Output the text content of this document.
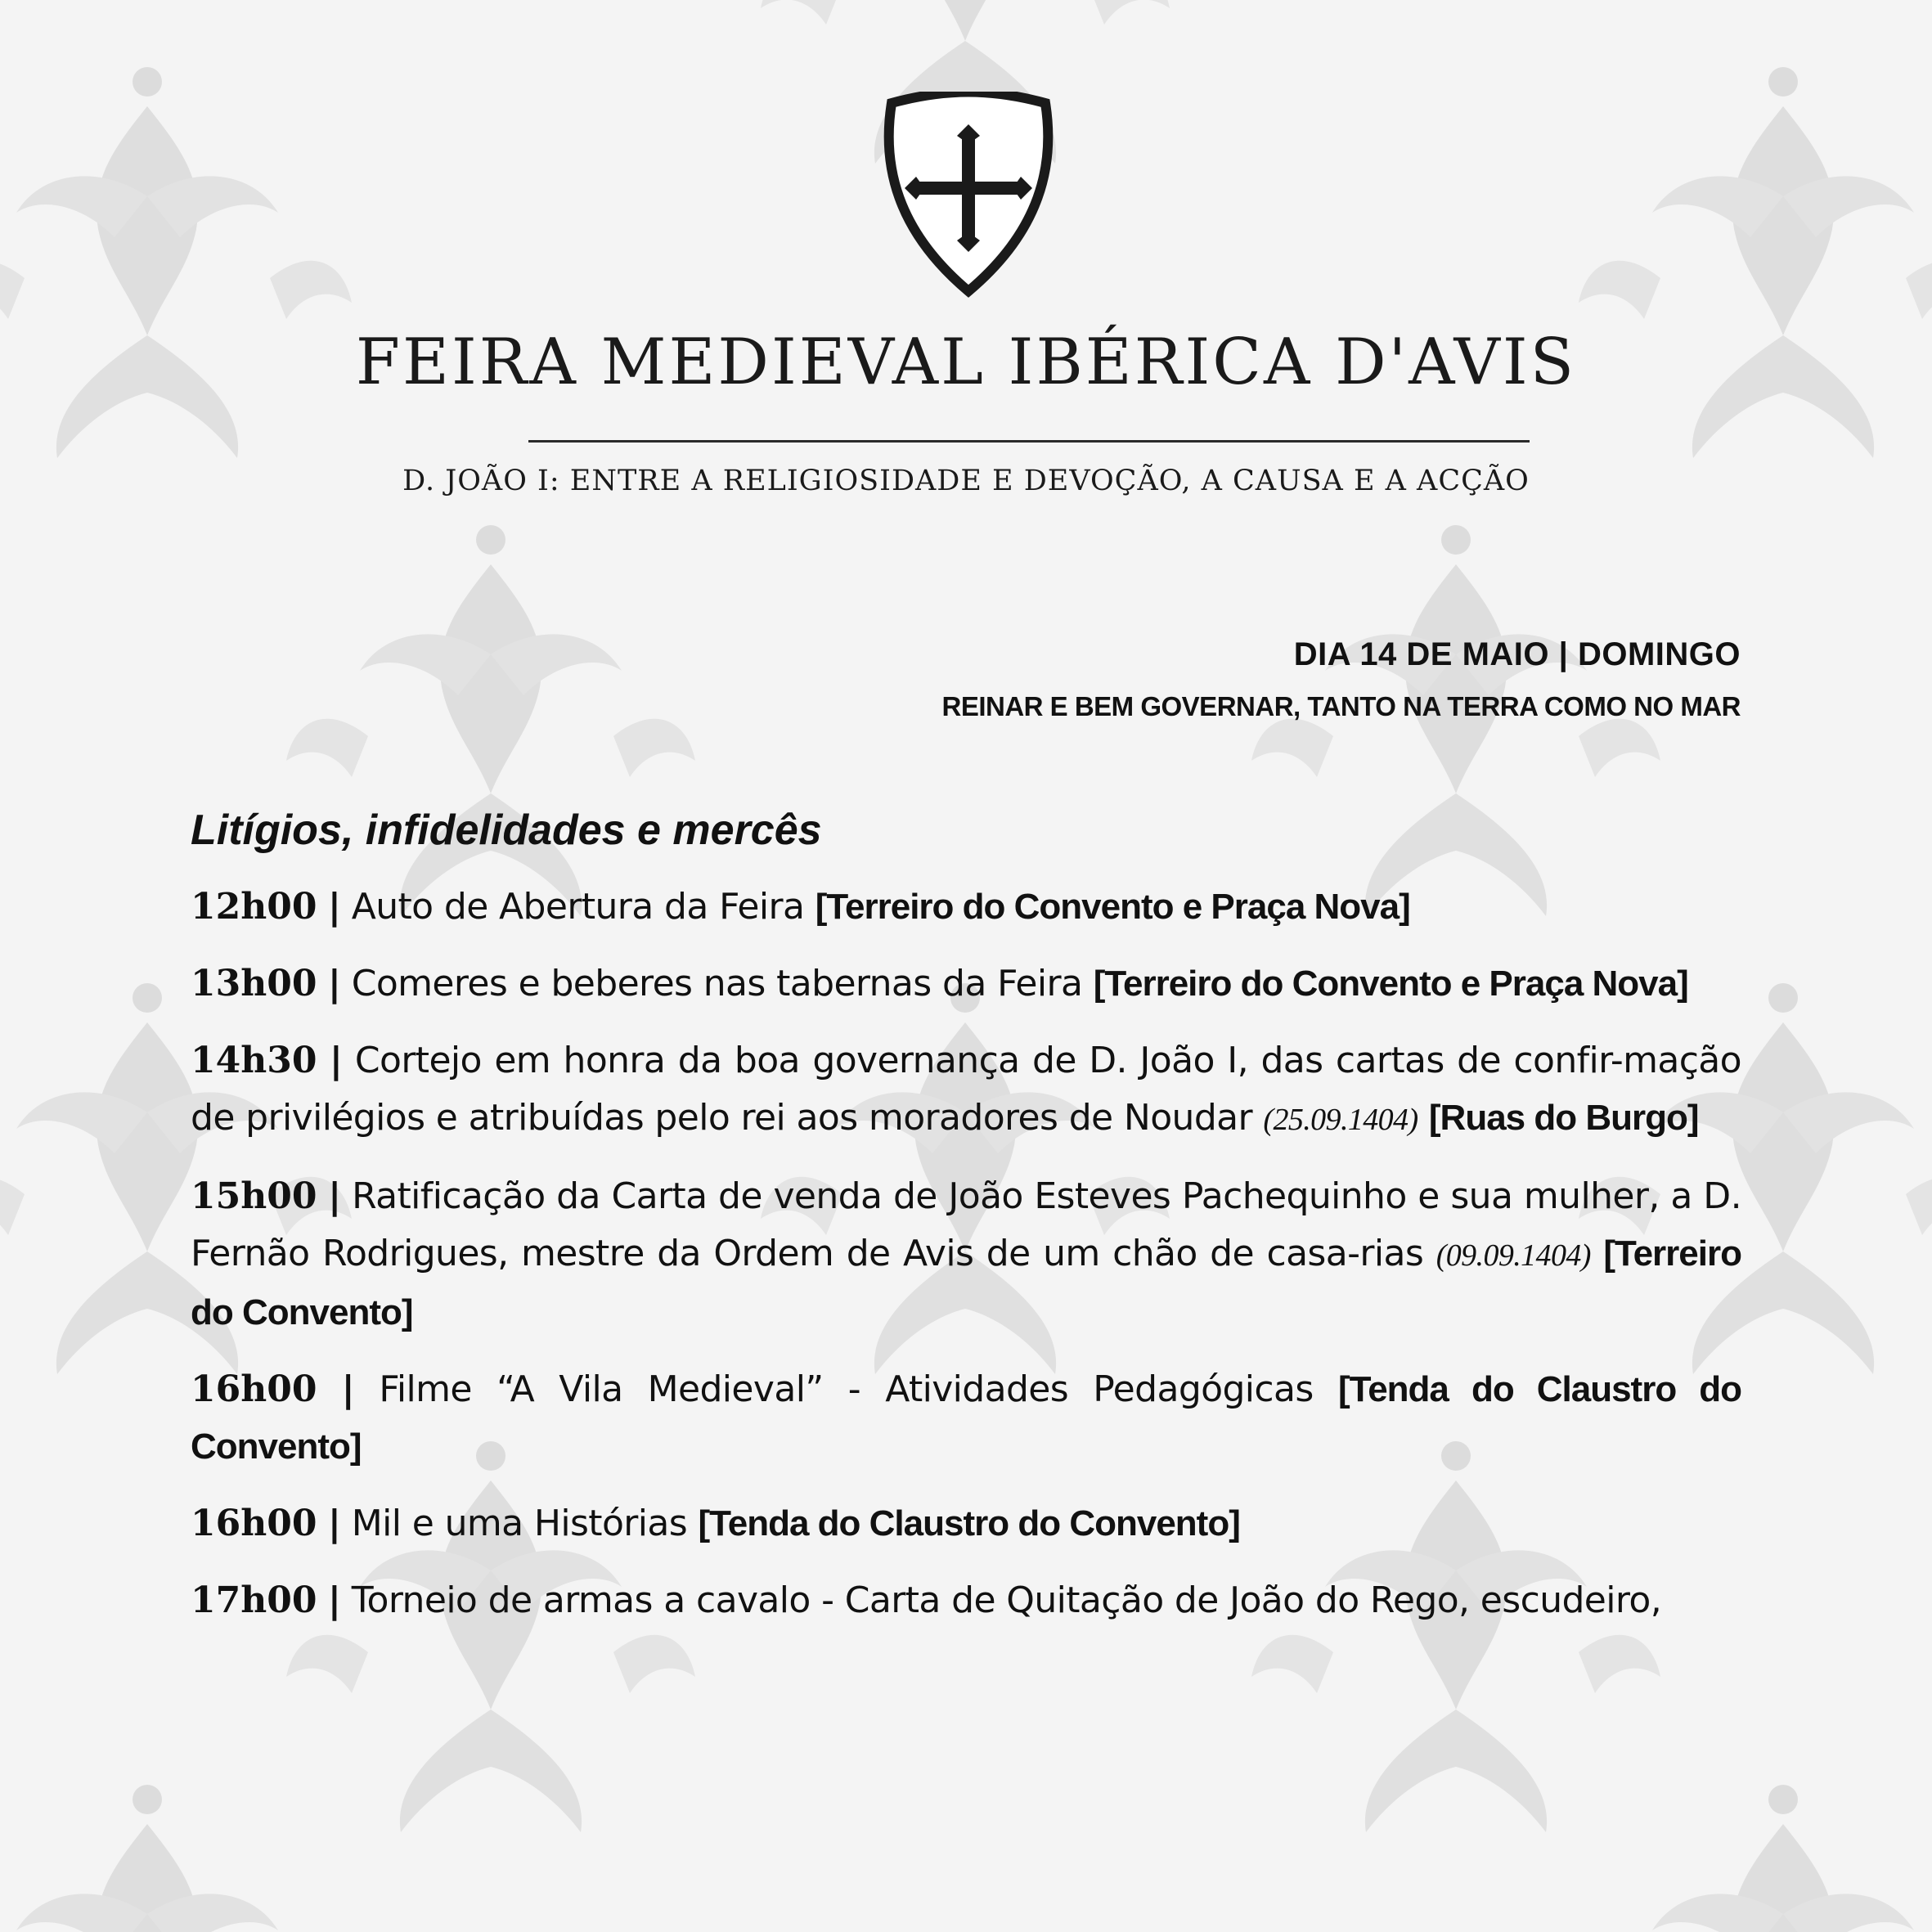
FEIRA MEDIEVAL IBÉRICA D'AVIS
D. JOÃO I: ENTRE A RELIGIOSIDADE E DEVOÇÃO, A CAUSA E A ACÇÃO
DIA 14 DE MAIO | DOMINGO
REINAR E BEM GOVERNAR, TANTO NA TERRA COMO NO MAR
Litígios, infidelidades e mercês
12h00 | Auto de Abertura da Feira [Terreiro do Convento e Praça Nova]
13h00 | Comeres e beberes nas tabernas da Feira [Terreiro do Convento e Praça Nova]
14h30 | Cortejo em honra da boa governança de D. João I, das cartas de confir-mação de privilégios e atribuídas pelo rei aos moradores de Noudar (25.09.1404) [Ruas do Burgo]
15h00 | Ratificação da Carta de venda de João Esteves Pachequinho e sua mulher, a D. Fernão Rodrigues, mestre da Ordem de Avis de um chão de casa-rias (09.09.1404) [Terreiro do Convento]
16h00 | Filme “A Vila Medieval” - Atividades Pedagógicas [Tenda do Claustro do Convento]
16h00 | Mil e uma Histórias [Tenda do Claustro do Convento]
17h00 | Torneio de armas a cavalo - Carta de Quitação de João do Rego, escudeiro,
